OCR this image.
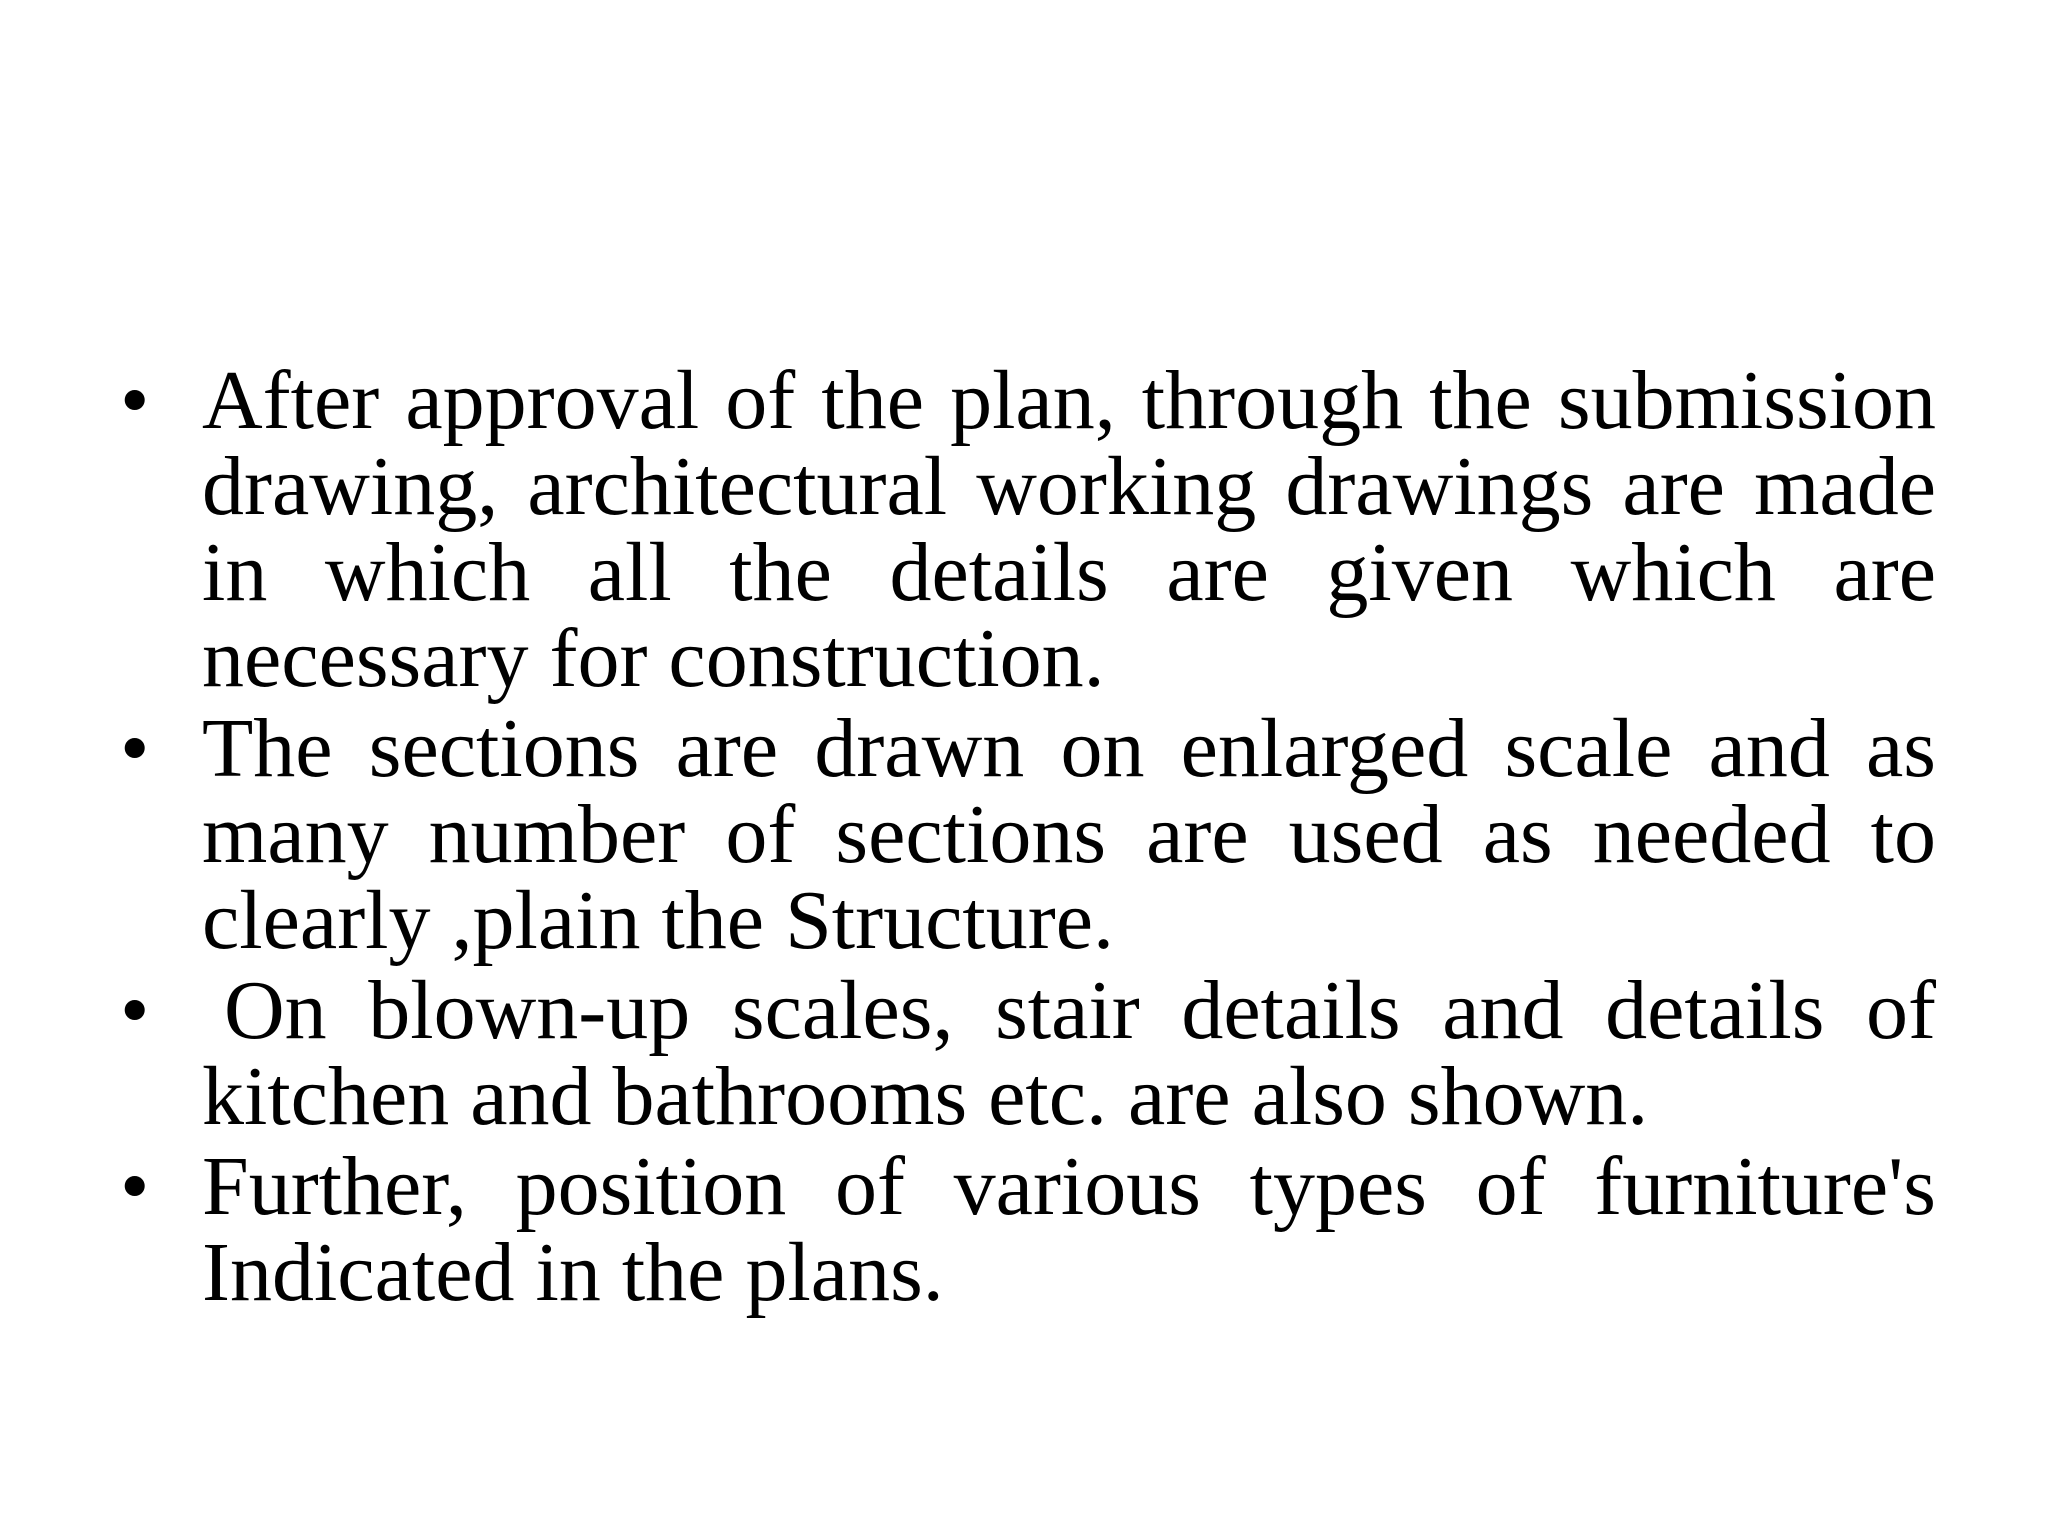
• After approval of the plan, through the submission drawing, architectural working drawings are made in which all the details are given which are necessary for construction.
• The sections are drawn on enlarged scale and as many number of sections are used as needed to clearly ,plain the Structure.
• On blown-up scales, stair details and details of kitchen and bathrooms etc. are also shown.
• Further, position of various types of furniture's Indicated in the plans.
